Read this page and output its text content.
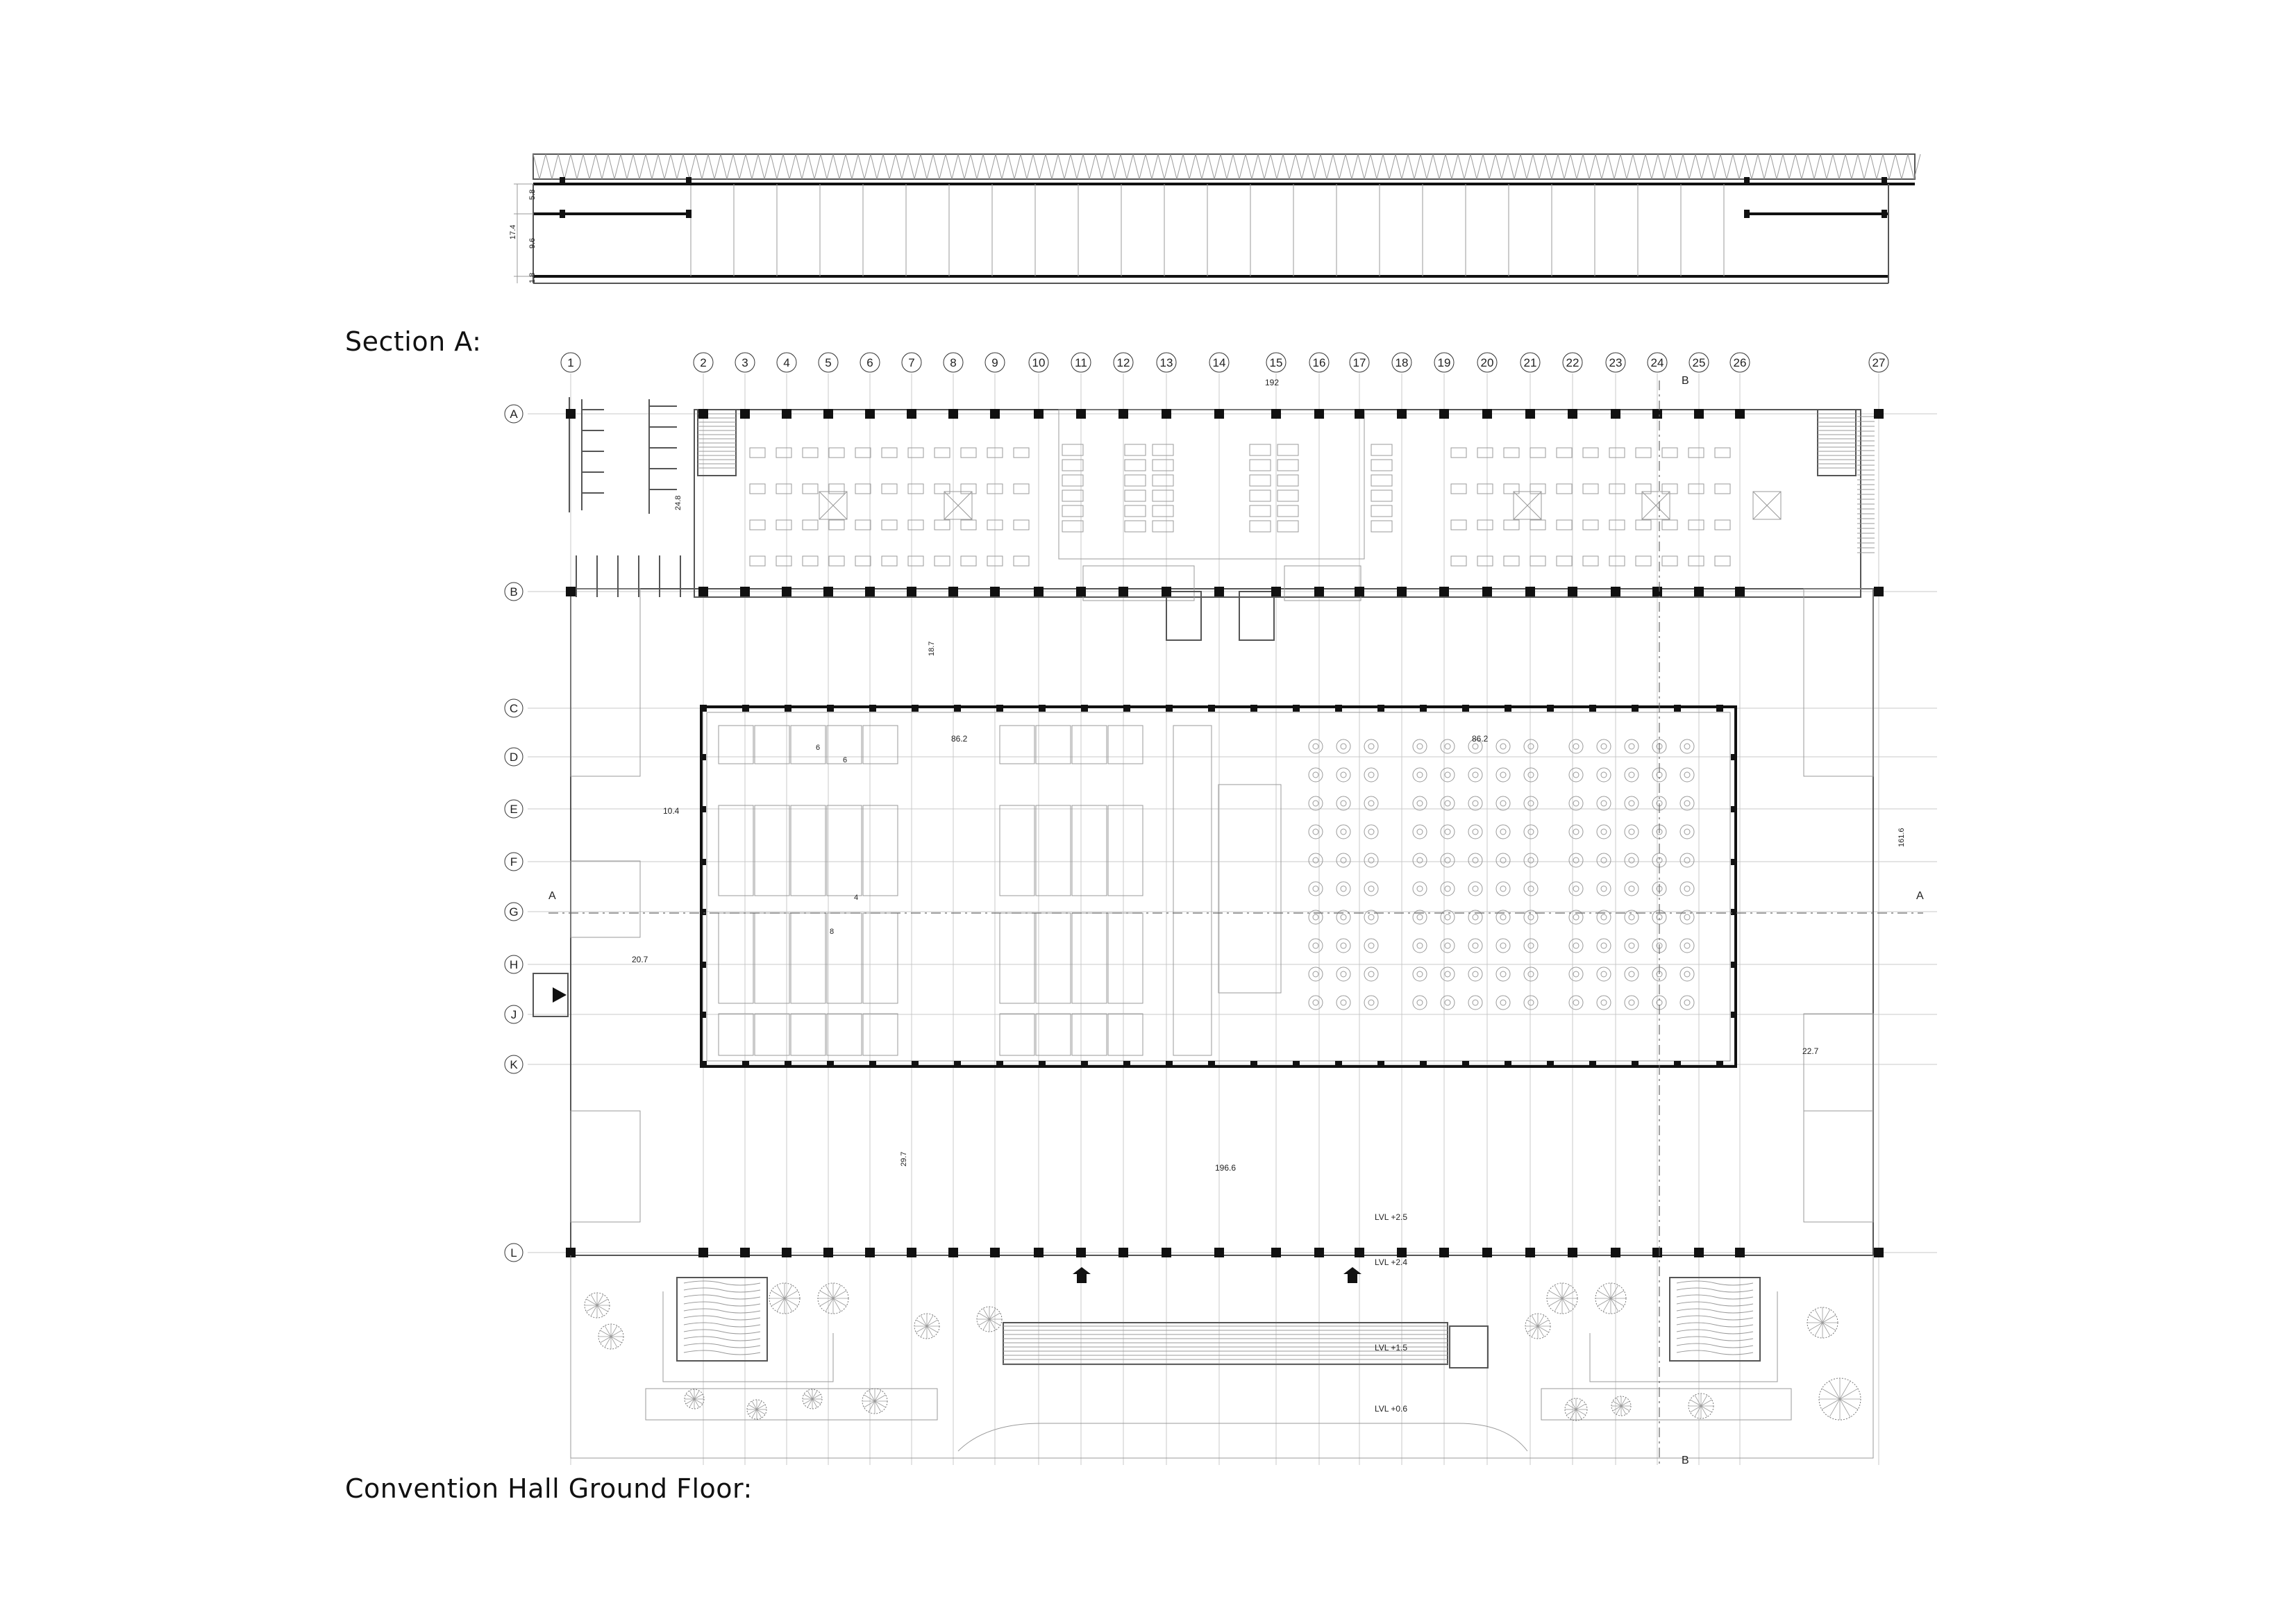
Section A:
Convention Hall Ground Floor:
5.8
17.4
9.6
1.8
1	2	3	4	5	6	7	8	9	10	11	12	13	14	15	16 17 18 19	20	21 22	23 24 25 26	27
A
B
C
D
E
F
G
H
J
K
L
A	A
B
B
192
86.2	86.2
18.7
6
6
4
8
10.4
20.7
22.7
29.7
196.6
161.6
24.8
LVL +2.5
LVL +2.4
LVL +1.5
LVL +0.6
